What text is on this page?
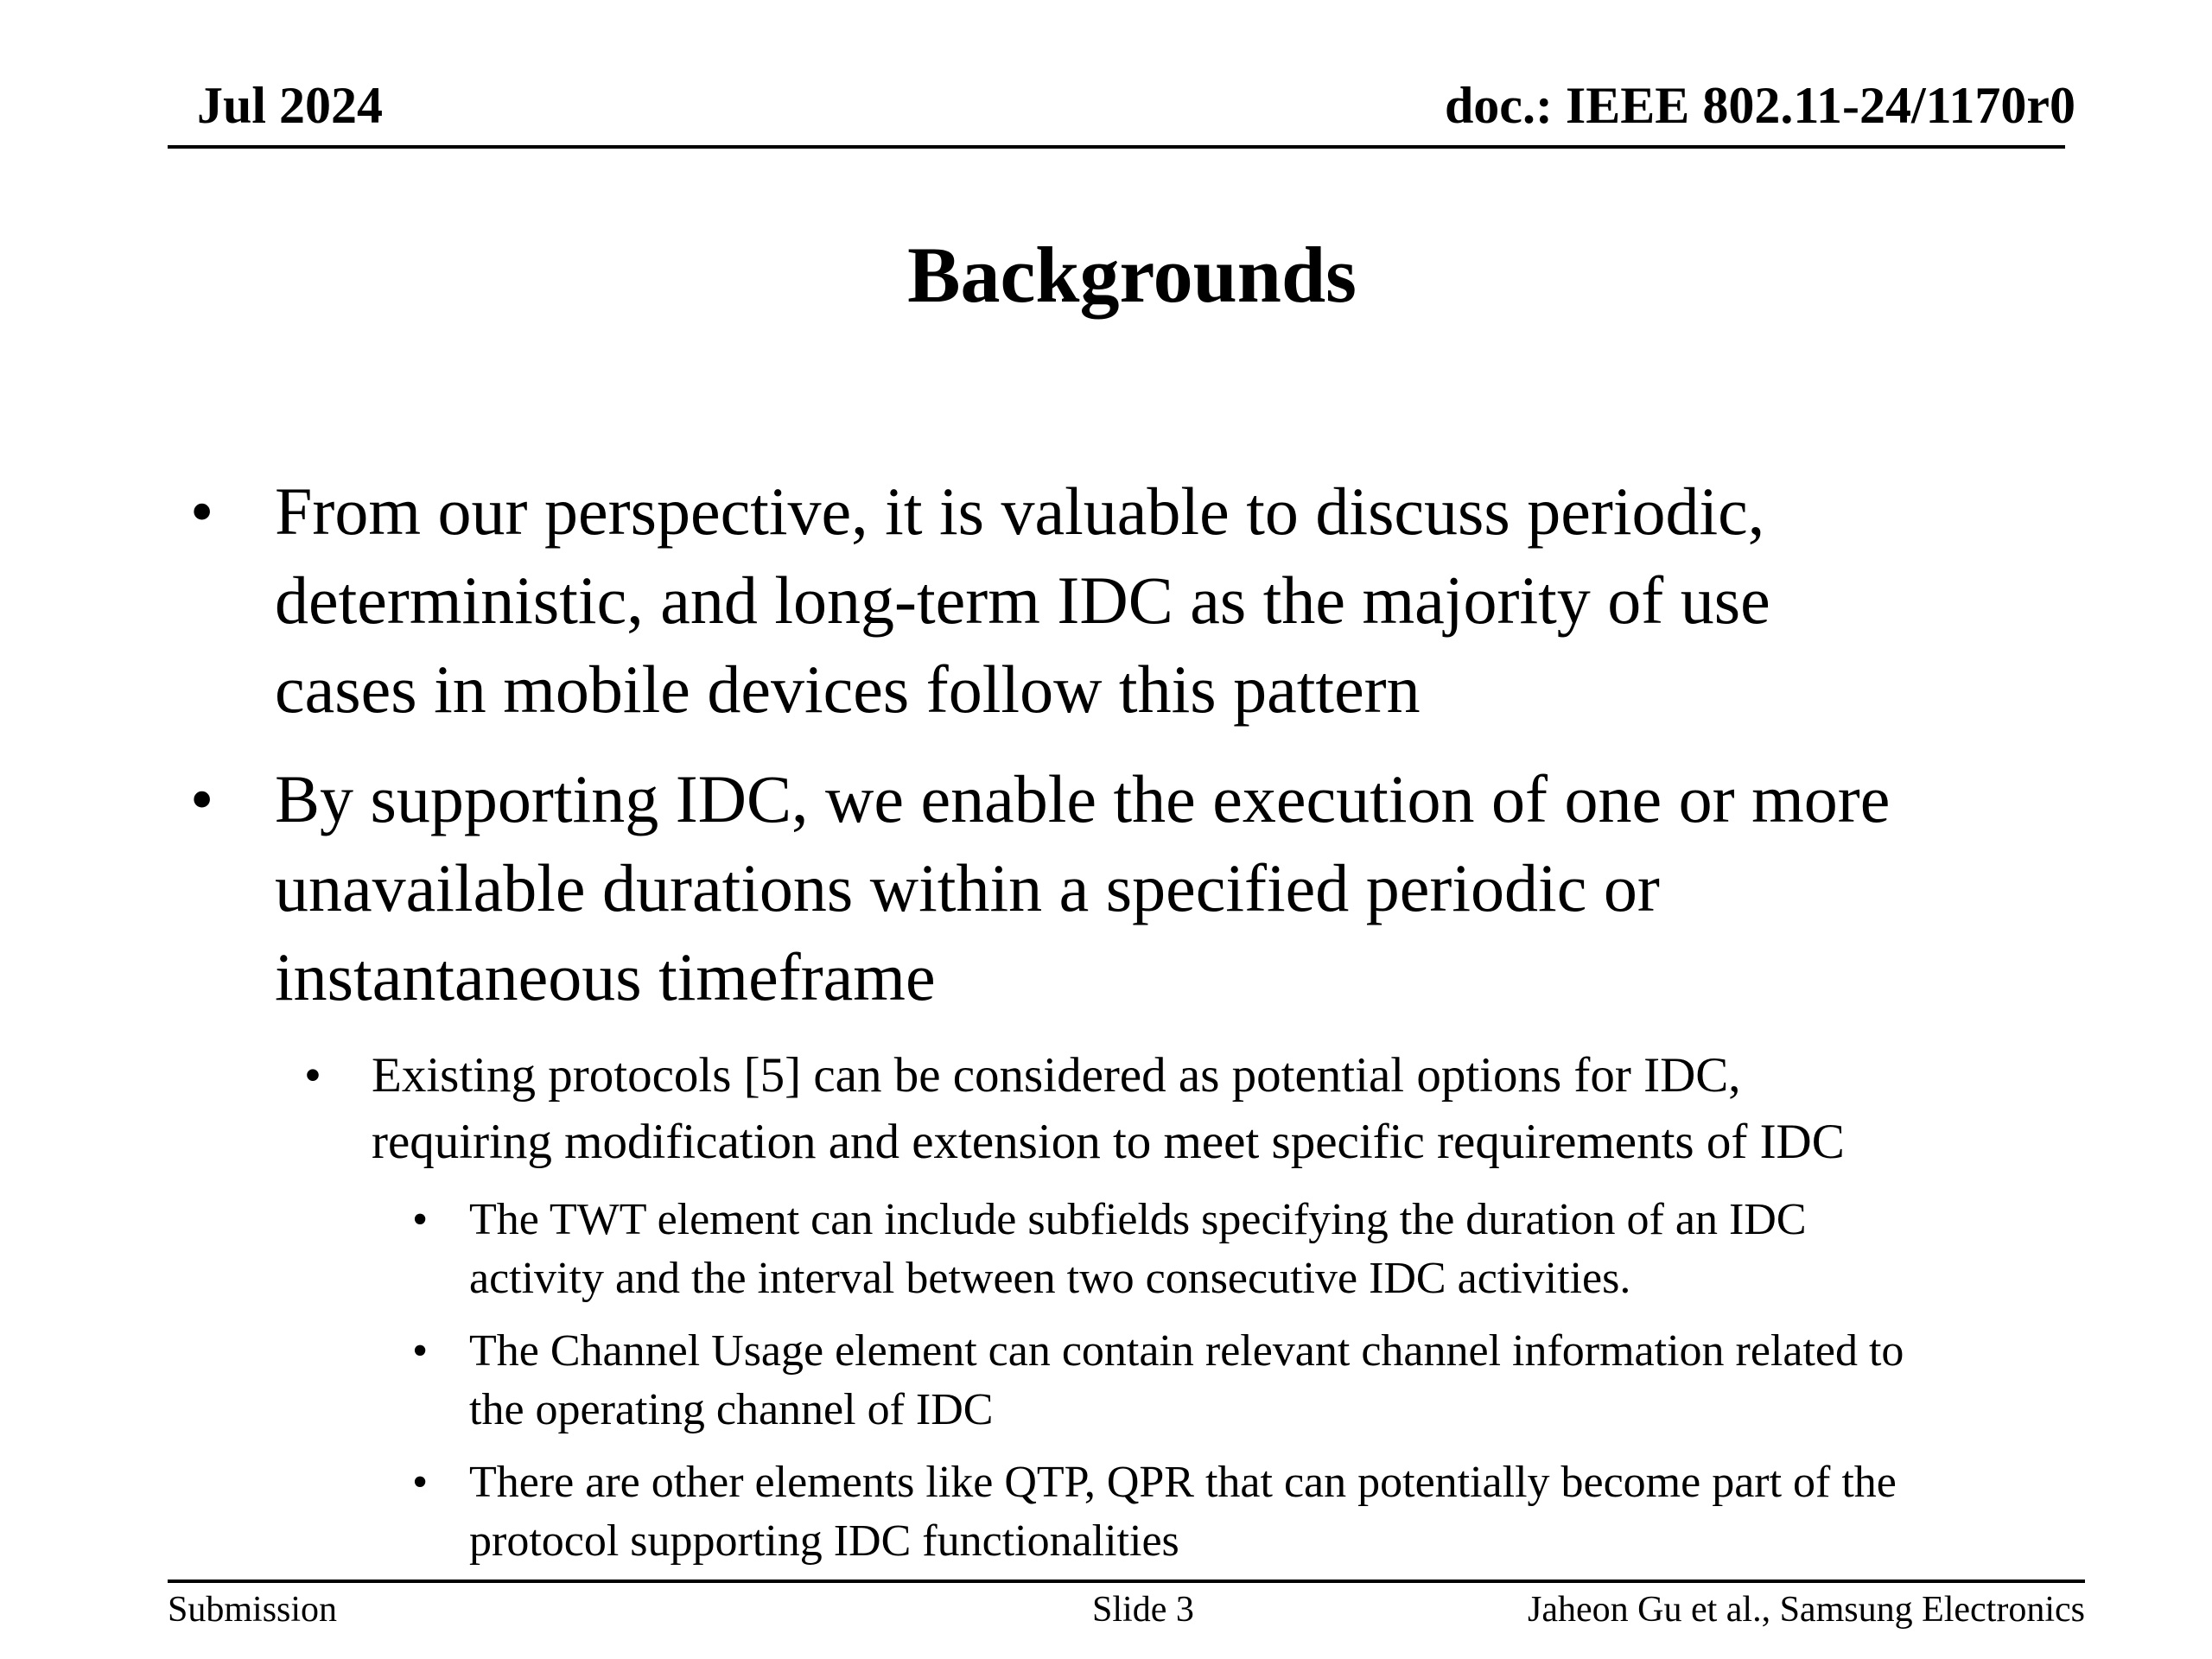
Jul 2024	doc.: IEEE 802.11-24/1170r0
Backgrounds
• From our perspective, it is valuable to discuss periodic,
deterministic, and long-term IDC as the majority of use
cases in mobile devices follow this pattern
• By supporting IDC, we enable the execution of one or more
unavailable durations within a specified periodic or
instantaneous timeframe
• Existing protocols [5] can be considered as potential options for IDC,
requiring modification and extension to meet specific requirements of IDC
• The TWT element can include subfields specifying the duration of an IDC
activity and the interval between two consecutive IDC activities.
• The Channel Usage element can contain relevant channel information related to
the operating channel of IDC
• There are other elements like QTP, QPR that can potentially become part of the
protocol supporting IDC functionalities
Submission	Slide 3	Jaheon Gu et al., Samsung Electronics
